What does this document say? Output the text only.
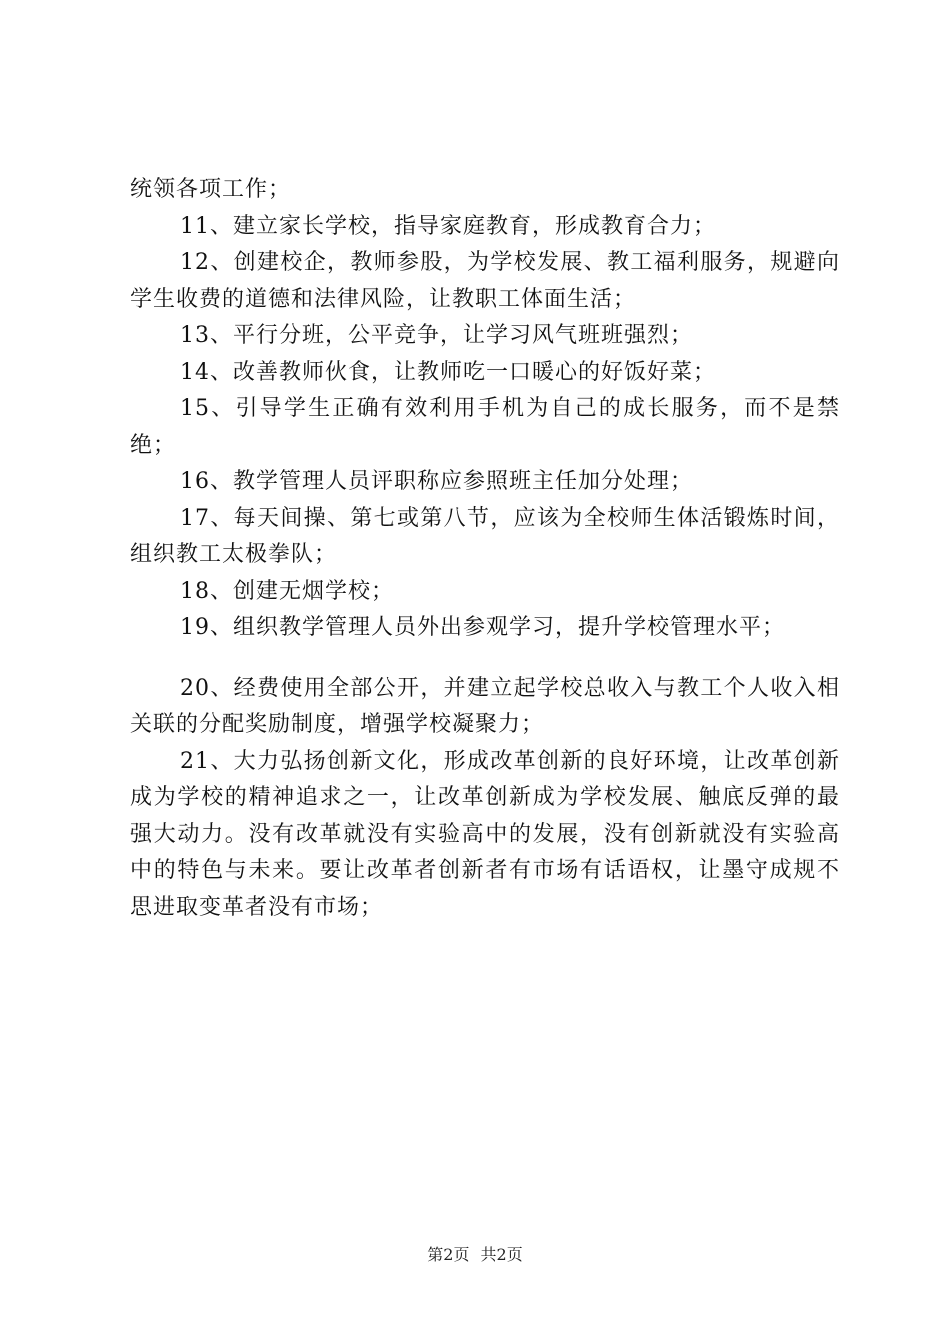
统领各项工作；

11、建立家长学校，指导家庭教育，形成教育合力；

12、创建校企，教师参股，为学校发展、教工福利服务，规避向学生收费的道德和法律风险，让教职工体面生活；

13、平行分班，公平竞争，让学习风气班班强烈；

14、改善教师伙食，让教师吃一口暖心的好饭好菜；

15、引导学生正确有效利用手机为自己的成长服务，而不是禁绝；

16、教学管理人员评职称应参照班主任加分处理；

17、每天间操、第七或第八节，应该为全校师生体活锻炼时间，组织教工太极拳队；

18、创建无烟学校；

19、组织教学管理人员外出参观学习，提升学校管理水平；

20、经费使用全部公开，并建立起学校总收入与教工个人收入相关联的分配奖励制度，增强学校凝聚力；

21、大力弘扬创新文化，形成改革创新的良好环境，让改革创新成为学校的精神追求之一，让改革创新成为学校发展、触底反弹的最强大动力。没有改革就没有实验高中的发展，没有创新就没有实验高中的特色与未来。要让改革者创新者有市场有话语权，让墨守成规不思进取变革者没有市场；

第2页 共2页
